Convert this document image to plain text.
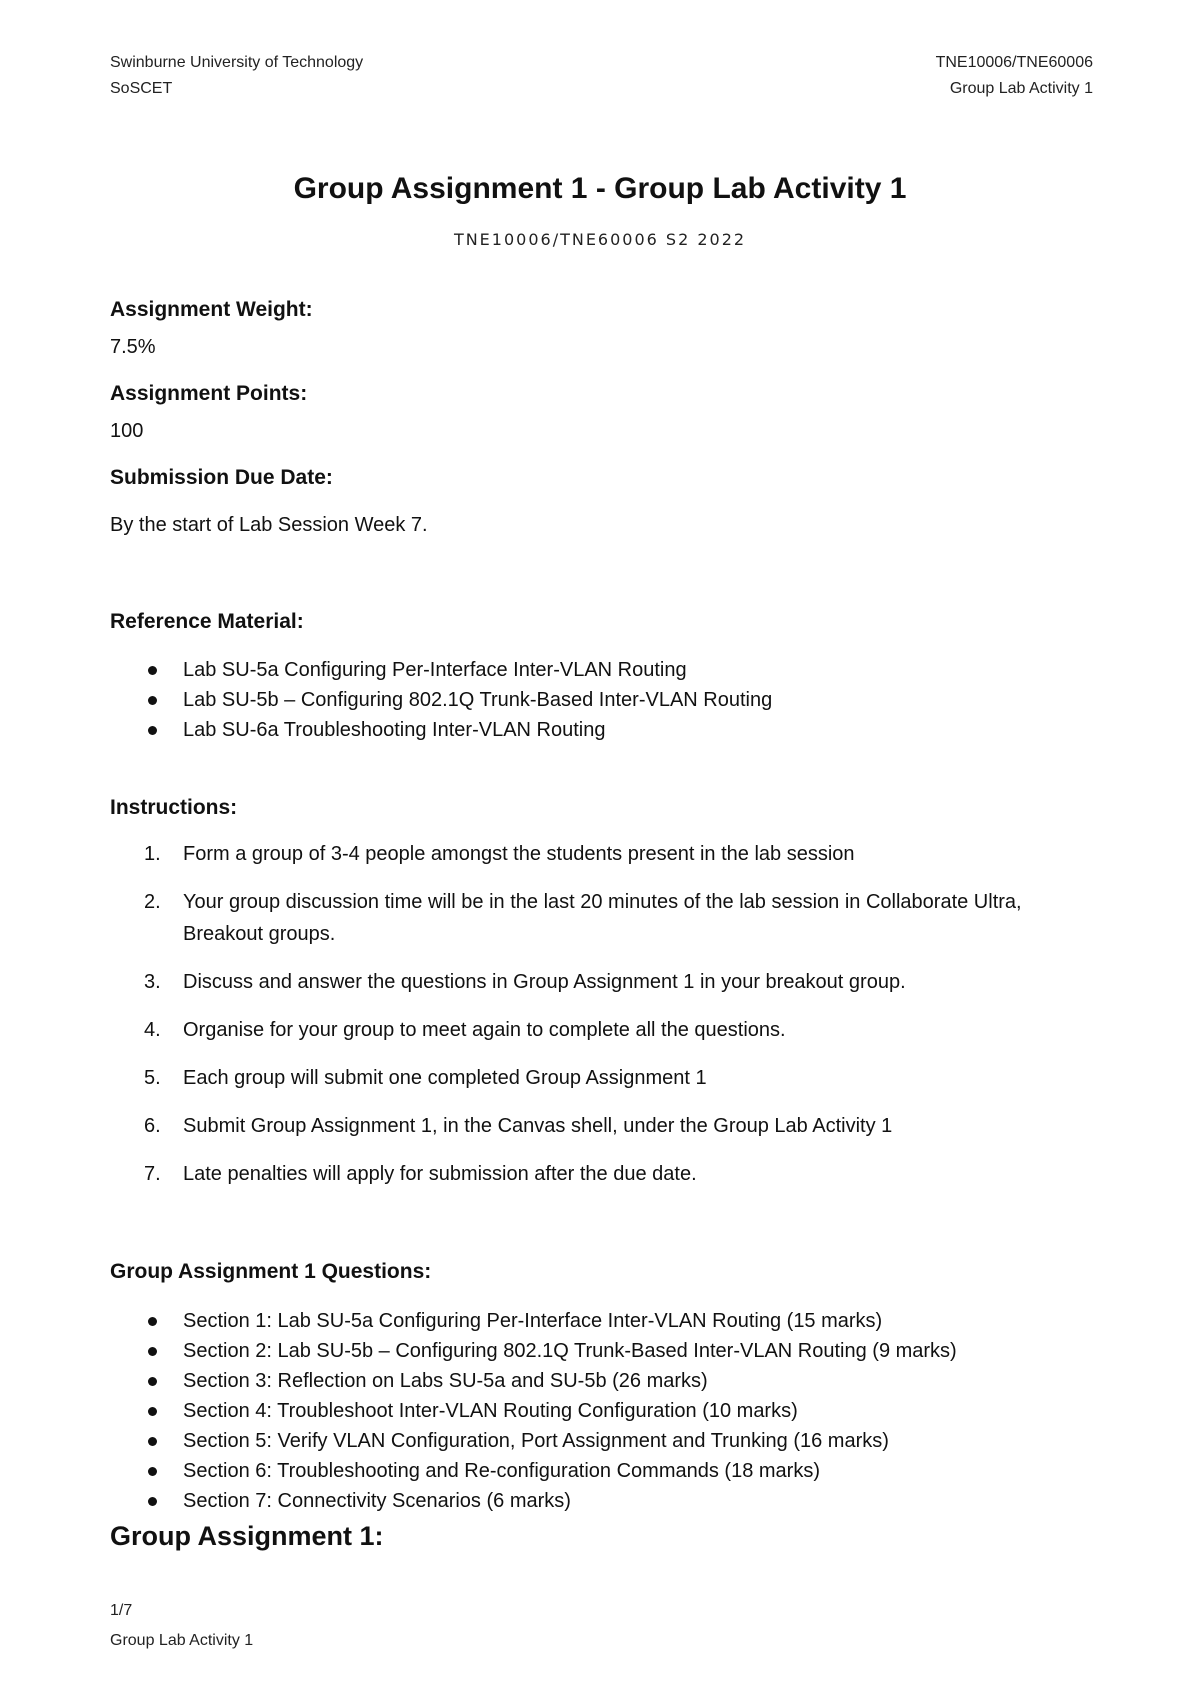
Swinburne University of Technology
SoSCET
TNE10006/TNE60006
Group Lab Activity 1
Group Assignment 1 - Group Lab Activity 1
TNE10006/TNE60006 S2 2022
Assignment Weight:
7.5%
Assignment Points:
100
Submission Due Date:
By the start of Lab Session Week 7.
Reference Material:
Lab SU-5a Configuring Per-Interface Inter-VLAN Routing
Lab SU-5b – Configuring 802.1Q Trunk-Based Inter-VLAN Routing
Lab SU-6a Troubleshooting Inter-VLAN Routing
Instructions:
1. Form a group of 3-4 people amongst the students present in the lab session
2. Your group discussion time will be in the last 20 minutes of the lab session in Collaborate Ultra, Breakout groups.
3. Discuss and answer the questions in Group Assignment 1 in your breakout group.
4. Organise for your group to meet again to complete all the questions.
5. Each group will submit one completed Group Assignment 1
6. Submit Group Assignment 1, in the Canvas shell, under the Group Lab Activity 1
7. Late penalties will apply for submission after the due date.
Group Assignment 1 Questions:
Section 1: Lab SU-5a Configuring Per-Interface Inter-VLAN Routing (15 marks)
Section 2: Lab SU-5b – Configuring 802.1Q Trunk-Based Inter-VLAN Routing (9 marks)
Section 3: Reflection on Labs SU-5a and SU-5b (26 marks)
Section 4: Troubleshoot Inter-VLAN Routing Configuration (10 marks)
Section 5: Verify VLAN Configuration, Port Assignment and Trunking (16 marks)
Section 6: Troubleshooting and Re-configuration Commands (18 marks)
Section 7: Connectivity Scenarios (6 marks)
Group Assignment 1:
1/7
Group Lab Activity 1
